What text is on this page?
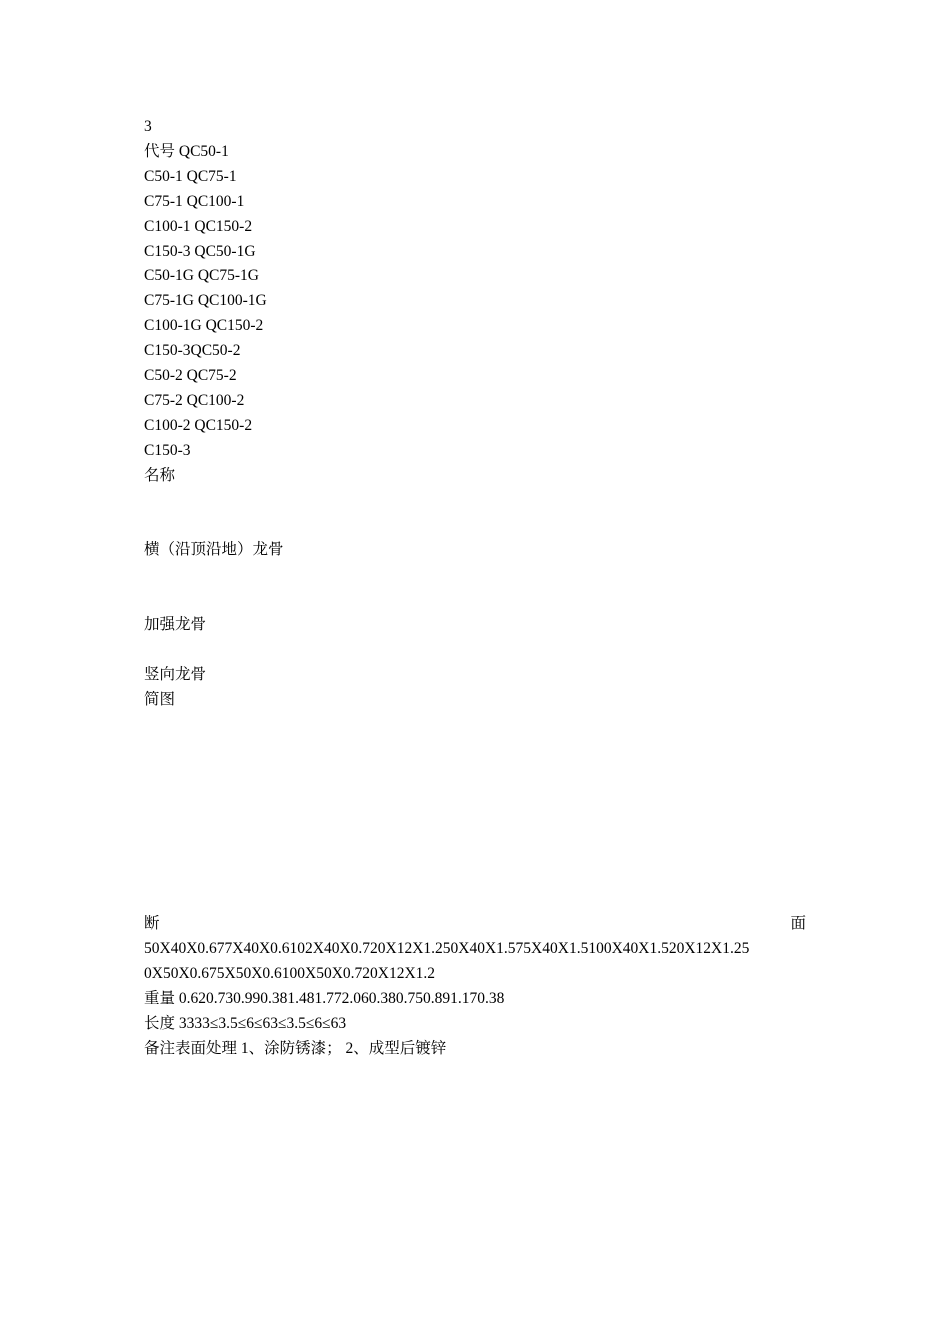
3
代号 QC50-1
C50-1 QC75-1
C75-1 QC100-1
C100-1 QC150-2
C150-3 QC50-1G
C50-1G QC75-1G
C75-1G QC100-1G
C100-1G QC150-2
C150-3QC50-2
C50-2 QC75-2
C75-2 QC100-2
C100-2 QC150-2
C150-3
名称
横（沿顶沿地）龙骨
加强龙骨
竖向龙骨
简图
断	面
50X40X0.677X40X0.6102X40X0.720X12X1.250X40X1.575X40X1.5100X40X1.520X12X1.25
0X50X0.675X50X0.6100X50X0.720X12X1.2
重量 0.620.730.990.381.481.772.060.380.750.891.170.38
长度 3333≤3.5≤6≤63≤3.5≤6≤63
备注表面处理 1、涂防锈漆； 2、成型后镀锌
